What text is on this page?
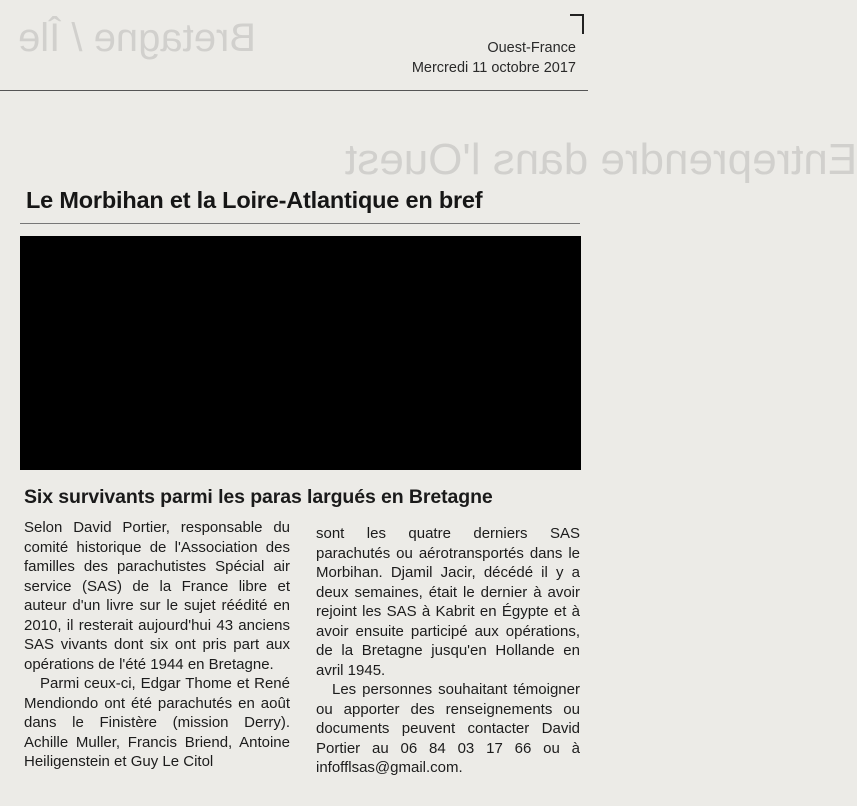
Bretagne / Île
Entreprendre dans l'Ouest
Ouest-France
Mercredi 11 octobre 2017
Le Morbihan et la Loire-Atlantique en bref
Six survivants parmi les paras largués en Bretagne

Selon David Portier, responsable du comité historique de l'Association des familles des parachutistes Spécial air service (SAS) de la France libre et auteur d'un livre sur le sujet réédité en 2010, il resterait aujourd'hui 43 anciens SAS vivants dont six ont pris part aux opérations de l'été 1944 en Bretagne.

Parmi ceux-ci, Edgar Thome et René Mendiondo ont été parachutés en août dans le Finistère (mission Derry). Achille Muller, Francis Briend, Antoine Heiligenstein et Guy Le Citol

sont les quatre derniers SAS parachutés ou aérotransportés dans le Morbihan. Djamil Jacir, décédé il y a deux semaines, était le dernier à avoir rejoint les SAS à Kabrit en Égypte et à avoir ensuite participé aux opérations, de la Bretagne jusqu'en Hollande en avril 1945.

Les personnes souhaitant témoigner ou apporter des renseignements ou documents peuvent contacter David Portier au 06 84 03 17 66 ou à infofflsas@gmail.com.
